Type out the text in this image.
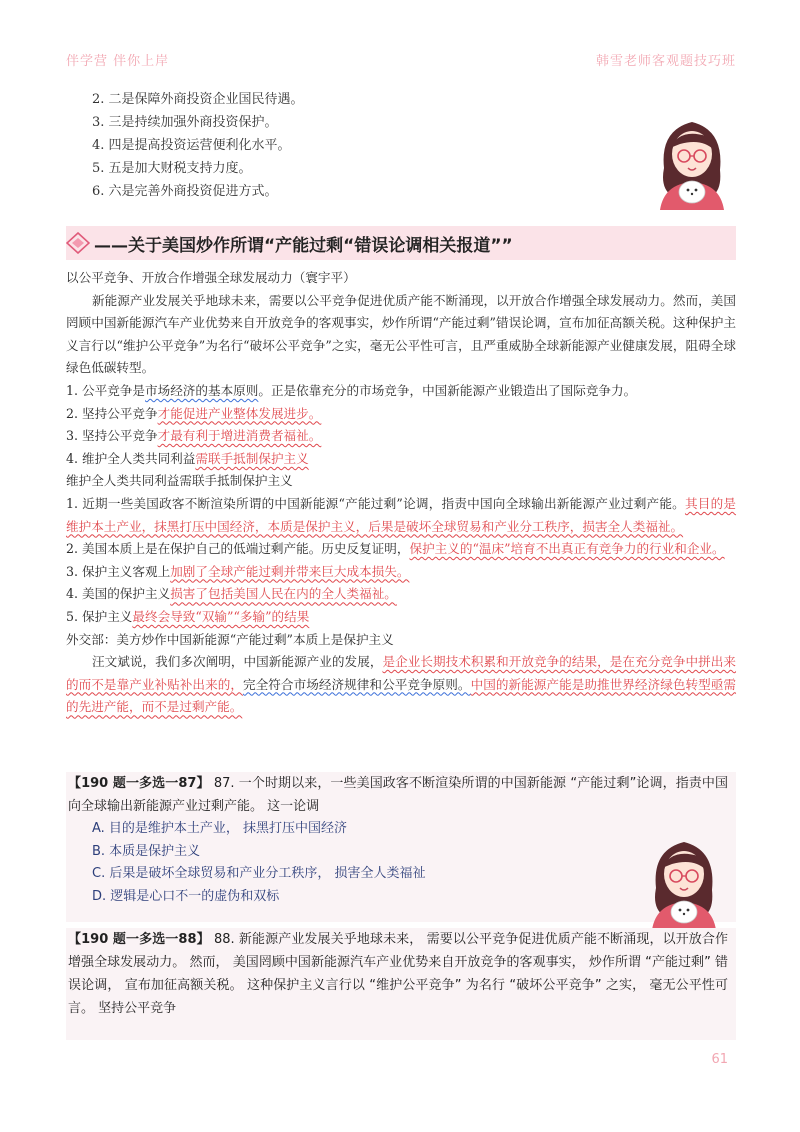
伴学营 伴你上岸	韩雪老师客观题技巧班
2. 二是保障外商投资企业国民待遇。
3. 三是持续加强外商投资保护。
4. 四是提高投资运营便利化水平。
5. 五是加大财税支持力度。
6. 六是完善外商投资促进方式。
——关于美国炒作所谓“产能过剩“错误论调相关报道””
以公平竞争、开放合作增强全球发展动力（寰宇平）
新能源产业发展关乎地球未来，需要以公平竞争促进优质产能不断涌现，以开放合作增强全球发展动力。然而，美国罔顾中国新能源汽车产业优势来自开放竞争的客观事实，炒作所谓“产能过剩”错误论调，宣布加征高额关税。这种保护主义言行以“维护公平竞争”为名行“破坏公平竞争”之实，毫无公平性可言，且严重威胁全球新能源产业健康发展，阻碍全球绿色低碳转型。
1. 公平竞争是市场经济的基本原则。正是依靠充分的市场竞争，中国新能源产业锻造出了国际竞争力。
2. 坚持公平竞争才能促进产业整体发展进步。
3. 坚持公平竞争才最有利于增进消费者福祉。
4. 维护全人类共同利益需联手抵制保护主义
维护全人类共同利益需联手抵制保护主义
1. 近期一些美国政客不断渲染所谓的中国新能源“产能过剩”论调，指责中国向全球输出新能源产业过剩产能。其目的是维护本土产业，抹黑打压中国经济，本质是保护主义，后果是破坏全球贸易和产业分工秩序，损害全人类福祉。
2. 美国本质上是在保护自己的低端过剩产能。历史反复证明，保护主义的“温床”培育不出真正有竞争力的行业和企业。
3. 保护主义客观上加剧了全球产能过剩并带来巨大成本损失。
4. 美国的保护主义损害了包括美国人民在内的全人类福祉。
5. 保护主义最终会导致“双输”“多输”的结果
外交部：美方炒作中国新能源“产能过剩”本质上是保护主义
汪文斌说，我们多次阐明，中国新能源产业的发展，是企业长期技术积累和开放竞争的结果，是在充分竞争中拼出来的而不是靠产业补贴补出来的，完全符合市场经济规律和公平竞争原则。中国的新能源产能是助推世界经济绿色转型亟需的先进产能，而不是过剩产能。
【190 题一多选一87】 87. 一个时期以来，一些美国政客不断渲染所谓的中国新能源 “产能过剩”论调，指责中国向全球输出新能源产业过剩产能。 这一论调
A. 目的是维护本土产业， 抹黑打压中国经济
B. 本质是保护主义
C. 后果是破坏全球贸易和产业分工秩序， 损害全人类福祉
D. 逻辑是心口不一的虚伪和双标
【190 题一多选一88】 88. 新能源产业发展关乎地球未来， 需要以公平竞争促进优质产能不断涌现，以开放合作增强全球发展动力。 然而， 美国罔顾中国新能源汽车产业优势来自开放竞争的客观事实， 炒作所谓 “产能过剩” 错误论调， 宣布加征高额关税。 这种保护主义言行以 “维护公平竞争” 为名行 “破坏公平竞争” 之实， 毫无公平性可言。 坚持公平竞争
61
